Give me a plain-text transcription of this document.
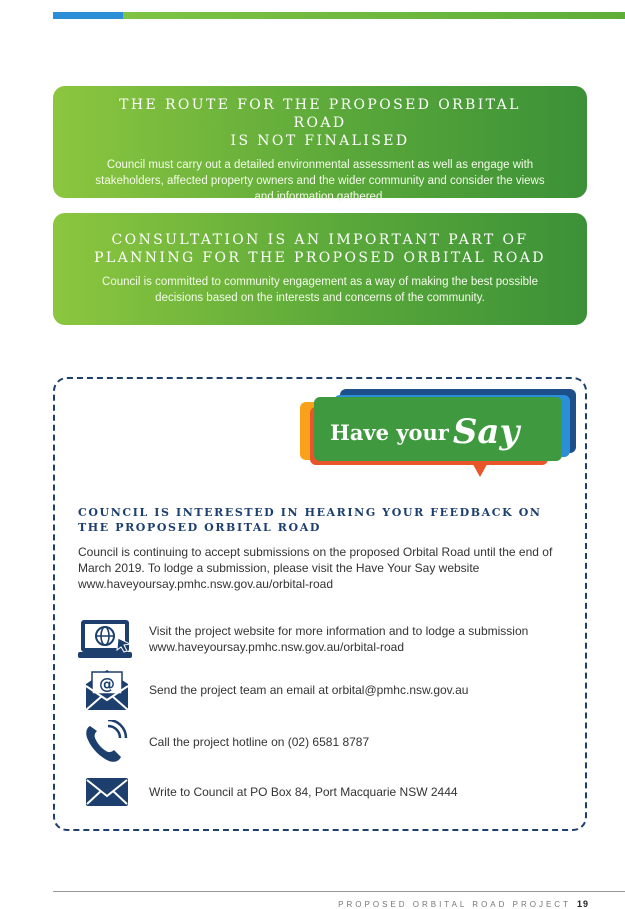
THE ROUTE FOR THE PROPOSED ORBITAL ROAD
IS NOT FINALISED

Council must carry out a detailed environmental assessment as well as engage with stakeholders, affected property owners and the wider community and consider the views and information gathered.

CONSULTATION IS AN IMPORTANT PART OF
PLANNING FOR THE PROPOSED ORBITAL ROAD

Council is committed to community engagement as a way of making the best possible decisions based on the interests and concerns of the community.

Have your Say
COUNCIL IS INTERESTED IN HEARING YOUR FEEDBACK ON THE PROPOSED ORBITAL ROAD

Council is continuing to accept submissions on the proposed Orbital Road until the end of March 2019. To lodge a submission, please visit the Have Your Say website www.haveyoursay.pmhc.nsw.gov.au/orbital-road

Visit the project website for more information and to lodge a submission
www.haveyoursay.pmhc.nsw.gov.au/orbital-road
@	Send the project team an email at orbital@pmhc.nsw.gov.au
Call the project hotline on (02) 6581 8787
Write to Council at PO Box 84, Port Macquarie NSW 2444
PROPOSED ORBITAL ROAD PROJECT 19
